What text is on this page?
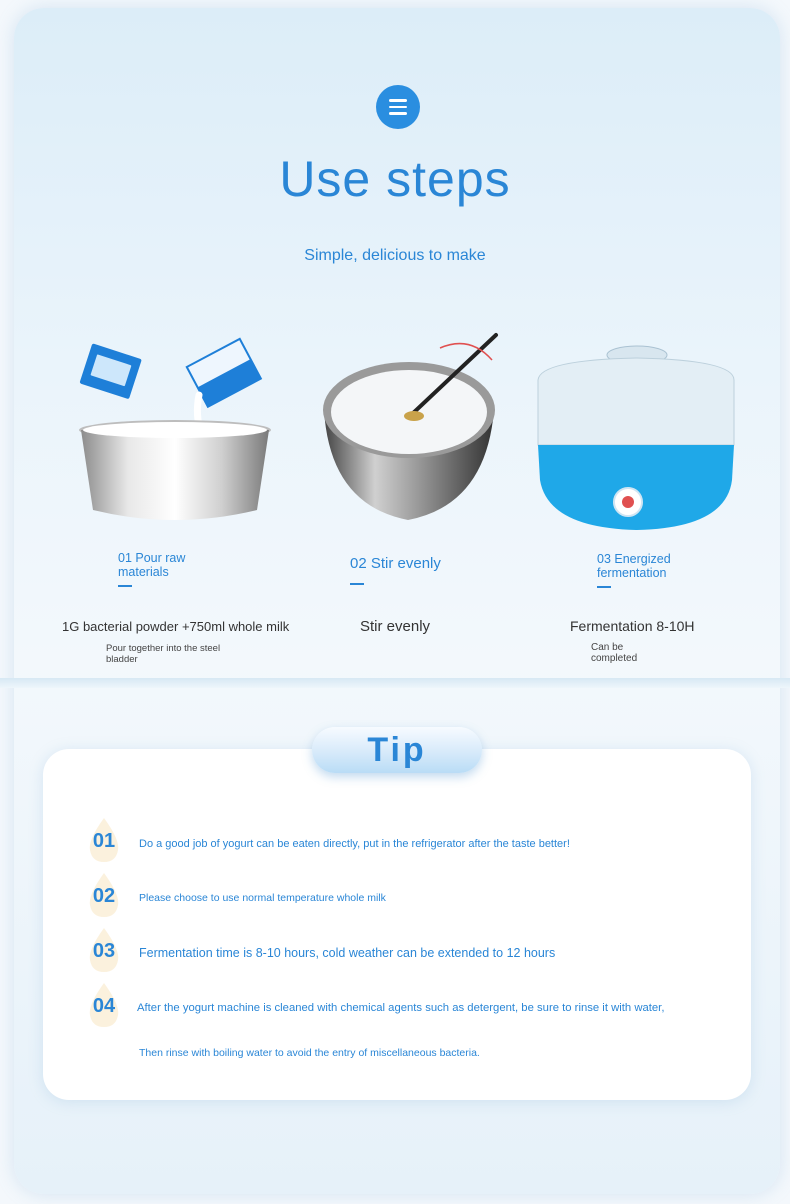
Use steps
Simple, delicious to make
01 Pour raw
materials	02 Stir evenly	03 Energized
fermentation
1G bacterial powder +750ml whole milk
Pour together into the steel
bladder
Stir evenly	Fermentation 8-10H
Can be
completed
Tip
01	Do a good job of yogurt can be eaten directly, put in the refrigerator after the taste better!
02	Please choose to use normal temperature whole milk
03	Fermentation time is 8-10 hours, cold weather can be extended to 12 hours
04	After the yogurt machine is cleaned with chemical agents such as detergent, be sure to rinse it with water,
Then rinse with boiling water to avoid the entry of miscellaneous bacteria.
